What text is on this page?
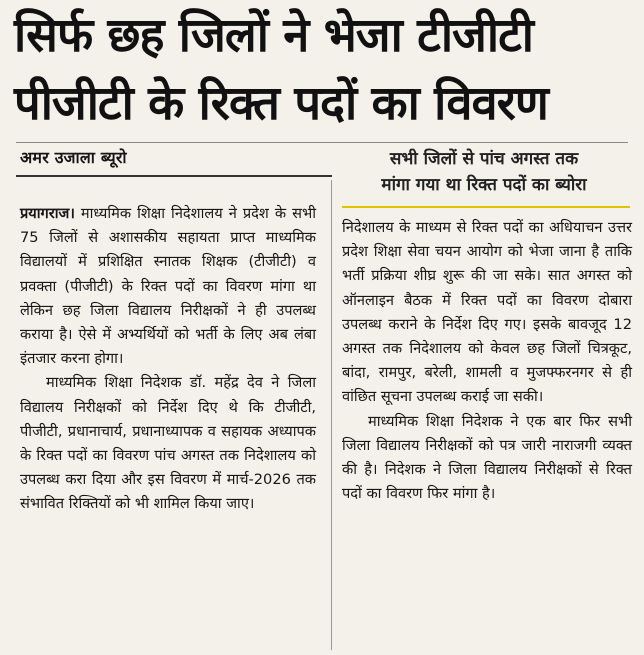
सिर्फ छह जिलों ने भेजा टीजीटी
पीजीटी के रिक्त पदों का विवरण
अमर उजाला ब्यूरो	सभी जिलों से पांच अगस्त तक
मांगा गया था रिक्त पदों का ब्योरा

प्रयागराज। माध्यमिक शिक्षा निदेशालय ने प्रदेश के सभी 75 जिलों से अशासकीय सहायता प्राप्त माध्यमिक विद्यालयों में प्रशिक्षित स्नातक शिक्षक (टीजीटी) व प्रवक्ता (पीजीटी) के रिक्त पदों का विवरण मांगा था लेकिन छह जिला विद्यालय निरीक्षकों ने ही उपलब्ध कराया है। ऐसे में अभ्यर्थियों को भर्ती के लिए अब लंबा इंतजार करना होगा।

माध्यमिक शिक्षा निदेशक डॉ. महेंद्र देव ने जिला विद्यालय निरीक्षकों को निर्देश दिए थे कि टीजीटी, पीजीटी, प्रधानाचार्य, प्रधानाध्यापक व सहायक अध्यापक के रिक्त पदों का विवरण पांच अगस्त तक निदेशालय को उपलब्ध करा दिया और इस विवरण में मार्च-2026 तक संभावित रिक्तियों को भी शामिल किया जाए।

निदेशालय के माध्यम से रिक्त पदों का अधियाचन उत्तर प्रदेश शिक्षा सेवा चयन आयोग को भेजा जाना है ताकि भर्ती प्रक्रिया शीघ्र शुरू की जा सके। सात अगस्त को ऑनलाइन बैठक में रिक्त पदों का विवरण दोबारा उपलब्ध कराने के निर्देश दिए गए। इसके बावजूद 12 अगस्त तक निदेशालय को केवल छह जिलों चित्रकूट, बांदा, रामपुर, बरेली, शामली व मुजफ्फरनगर से ही वांछित सूचना उपलब्ध कराई जा सकी।

माध्यमिक शिक्षा निदेशक ने एक बार फिर सभी जिला विद्यालय निरीक्षकों को पत्र जारी नाराजगी व्यक्त की है। निदेशक ने जिला विद्यालय निरीक्षकों से रिक्त पदों का विवरण फिर मांगा है।
